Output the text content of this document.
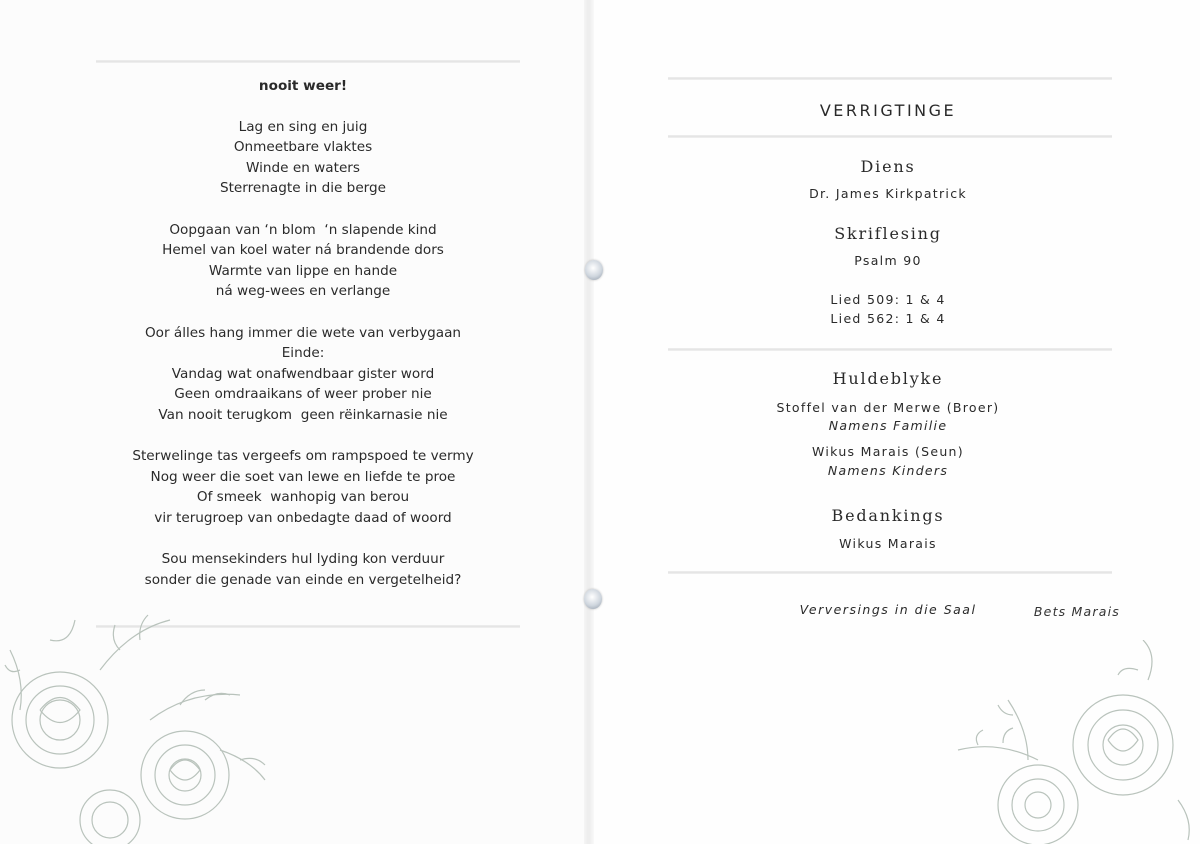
nooit weer!
Lag en sing en juig
Onmeetbare vlaktes
Winde en waters
Sterrenagte in die berge
Oopgaan van ‘n blom  ‘n slapende kind
Hemel van koel water ná brandende dors
Warmte van lippe en hande
ná weg-wees en verlange
Oor álles hang immer die wete van verbygaan
Einde:
Vandag wat onafwendbaar gister word
Geen omdraaikans of weer prober nie
Van nooit terugkom  geen rëinkarnasie nie
Sterwelinge tas vergeefs om rampspoed te vermy
Nog weer die soet van lewe en liefde te proe
Of smeek  wanhopig van berou
vir terugroep van onbedagte daad of woord
Sou mensekinders hul lyding kon verduur
sonder die genade van einde en vergetelheid?
Bets Marais
VERRIGTINGE
Diens
Dr. James Kirkpatrick
Skriflesing
Psalm 90
Lied 509: 1 & 4
Lied 562: 1 & 4
Huldeblyke
Stoffel van der Merwe (Broer)
Namens Familie
Wikus Marais (Seun)
Namens Kinders
Bedankings
Wikus Marais
Verversings in die Saal
